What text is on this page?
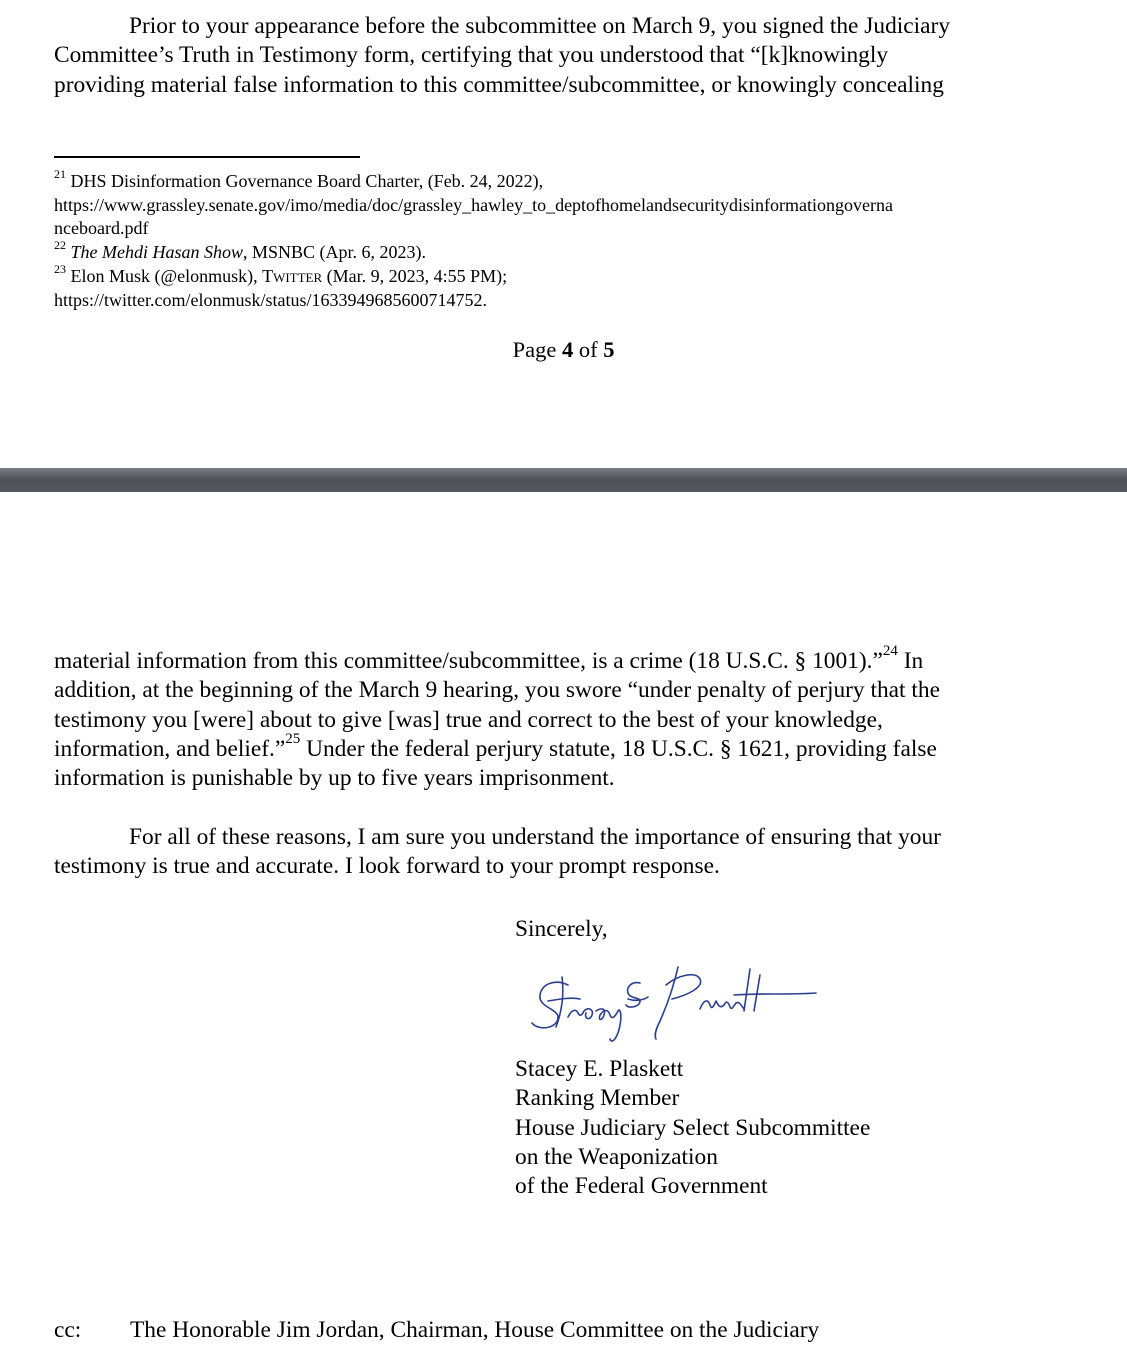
Prior to your appearance before the subcommittee on March 9, you signed the Judiciary
Committee’s Truth in Testimony form, certifying that you understood that “[k]knowingly
providing material false information to this committee/subcommittee, or knowingly concealing

$^{21}$ DHS Disinformation Governance Board Charter, (Feb. 24, 2022),
https://www.grassley.senate.gov/imo/media/doc/grassley_hawley_to_deptofhomelandsecuritydisinformationgoverna
nceboard.pdf
$^{22}$ The Mehdi Hasan Show, MSNBC (Apr. 6, 2023).
$^{23}$ Elon Musk (@elonmusk), Twitter (Mar. 9, 2023, 4:55 PM);
https://twitter.com/elonmusk/status/1633949685600714752.
Page 4 of 5

material information from this committee/subcommittee, is a crime (18 U.S.C. § 1001).”$^{24}$ In
addition, at the beginning of the March 9 hearing, you swore “under penalty of perjury that the
testimony you [were] about to give [was] true and correct to the best of your knowledge,
information, and belief.”$^{25}$ Under the federal perjury statute, 18 U.S.C. § 1621, providing false
information is punishable by up to five years imprisonment.

For all of these reasons, I am sure you understand the importance of ensuring that your
testimony is true and accurate. I look forward to your prompt response.

Sincerely,
Stacey E. Plaskett
Ranking Member
House Judiciary Select Subcommittee
on the Weaponization
of the Federal Government
cc: The Honorable Jim Jordan, Chairman, House Committee on the Judiciary
